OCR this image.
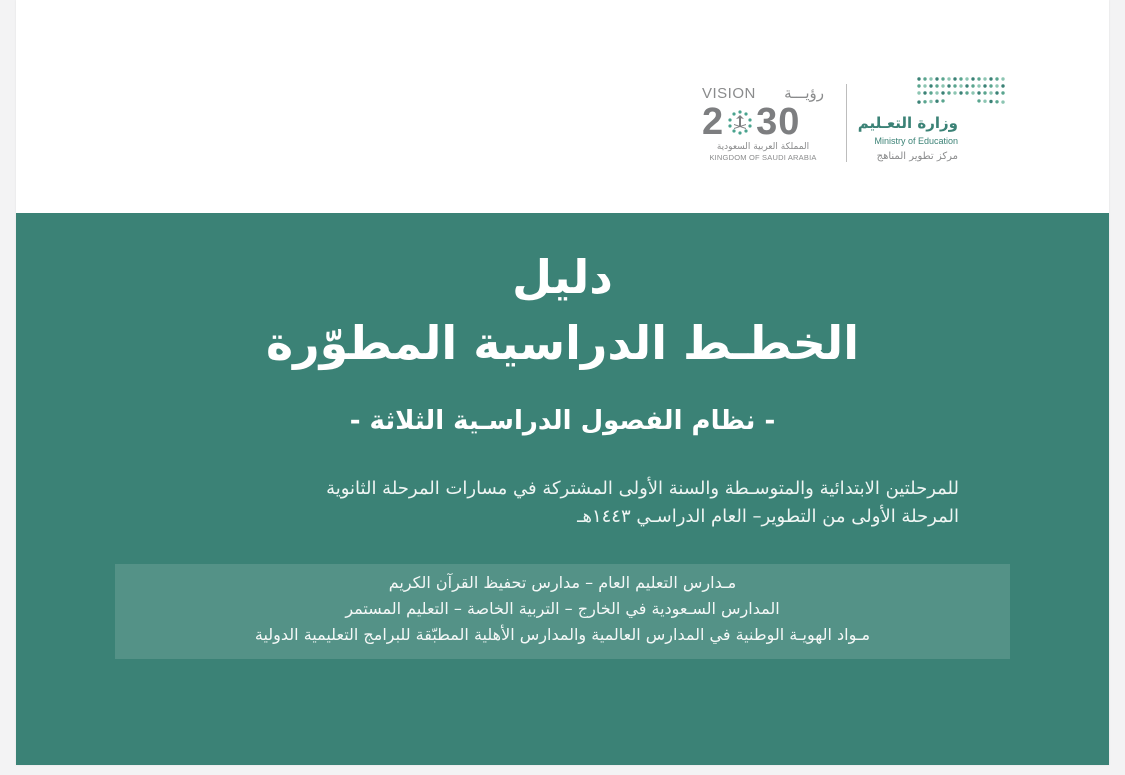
VISION رؤيـــة
2 30
المملكة العربية السعودية
KINGDOM OF SAUDI ARABIA
وزارة التعـليم
Ministry of Education
مركز تطوير المناهج
دليل
الخطـط الدراسية المطوّرة
- نظام الفصول الدراسـية الثلاثة -
للمرحلتين الابتدائية والمتوسـطة والسنة الأولى المشتركة في مسارات المرحلة الثانوية
المرحلة الأولى من التطوير– العام الدراسـي ١٤٤٣هـ
مـدارس التعليم العام – مدارس تحفيظ القرآن الكريم
المدارس السـعودية في الخارج – التربية الخاصة – التعليم المستمر
مـواد الهويـة الوطنية في المدارس العالمية والمدارس الأهلية المطبّقة للبرامج التعليمية الدولية
